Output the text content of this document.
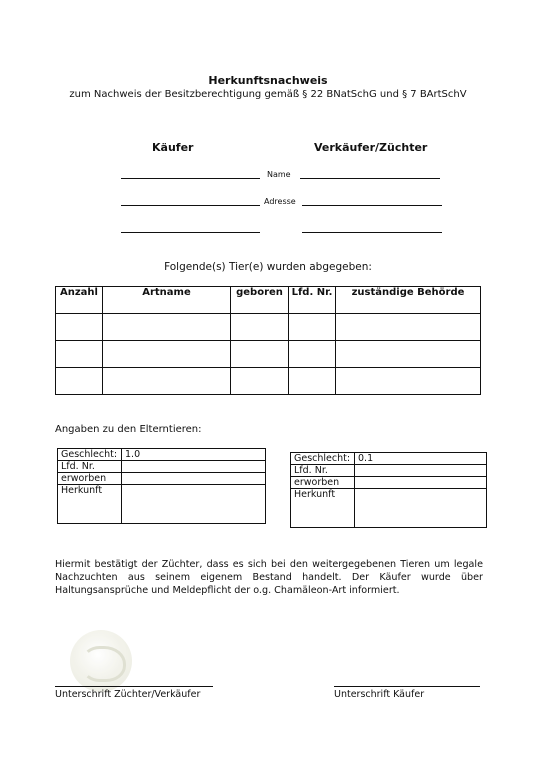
Herkunftsnachweis
zum Nachweis der Besitzberechtigung gemäß § 22 BNatSchG und § 7 BArtSchV
Käufer	Verkäufer/Züchter
Name
Adresse
Folgende(s) Tier(e) wurden abgegeben:
Anzahl	Artname	geboren	Lfd. Nr.	zuständige Behörde

Angaben zu den Elterntieren:
Geschlecht:	1.0
Lfd. Nr.	
erworben	
Herkunft	
Geschlecht:	0.1
Lfd. Nr.	
erworben	
Herkunft	
Hiermit bestätigt der Züchter, dass es sich bei den weitergegebenen Tieren um legale Nachzuchten aus seinem eigenem Bestand handelt. Der Käufer wurde über Haltungsansprüche und Meldepflicht der o.g. Chamäleon-Art informiert.
Unterschrift Züchter/Verkäufer	Unterschrift Käufer
